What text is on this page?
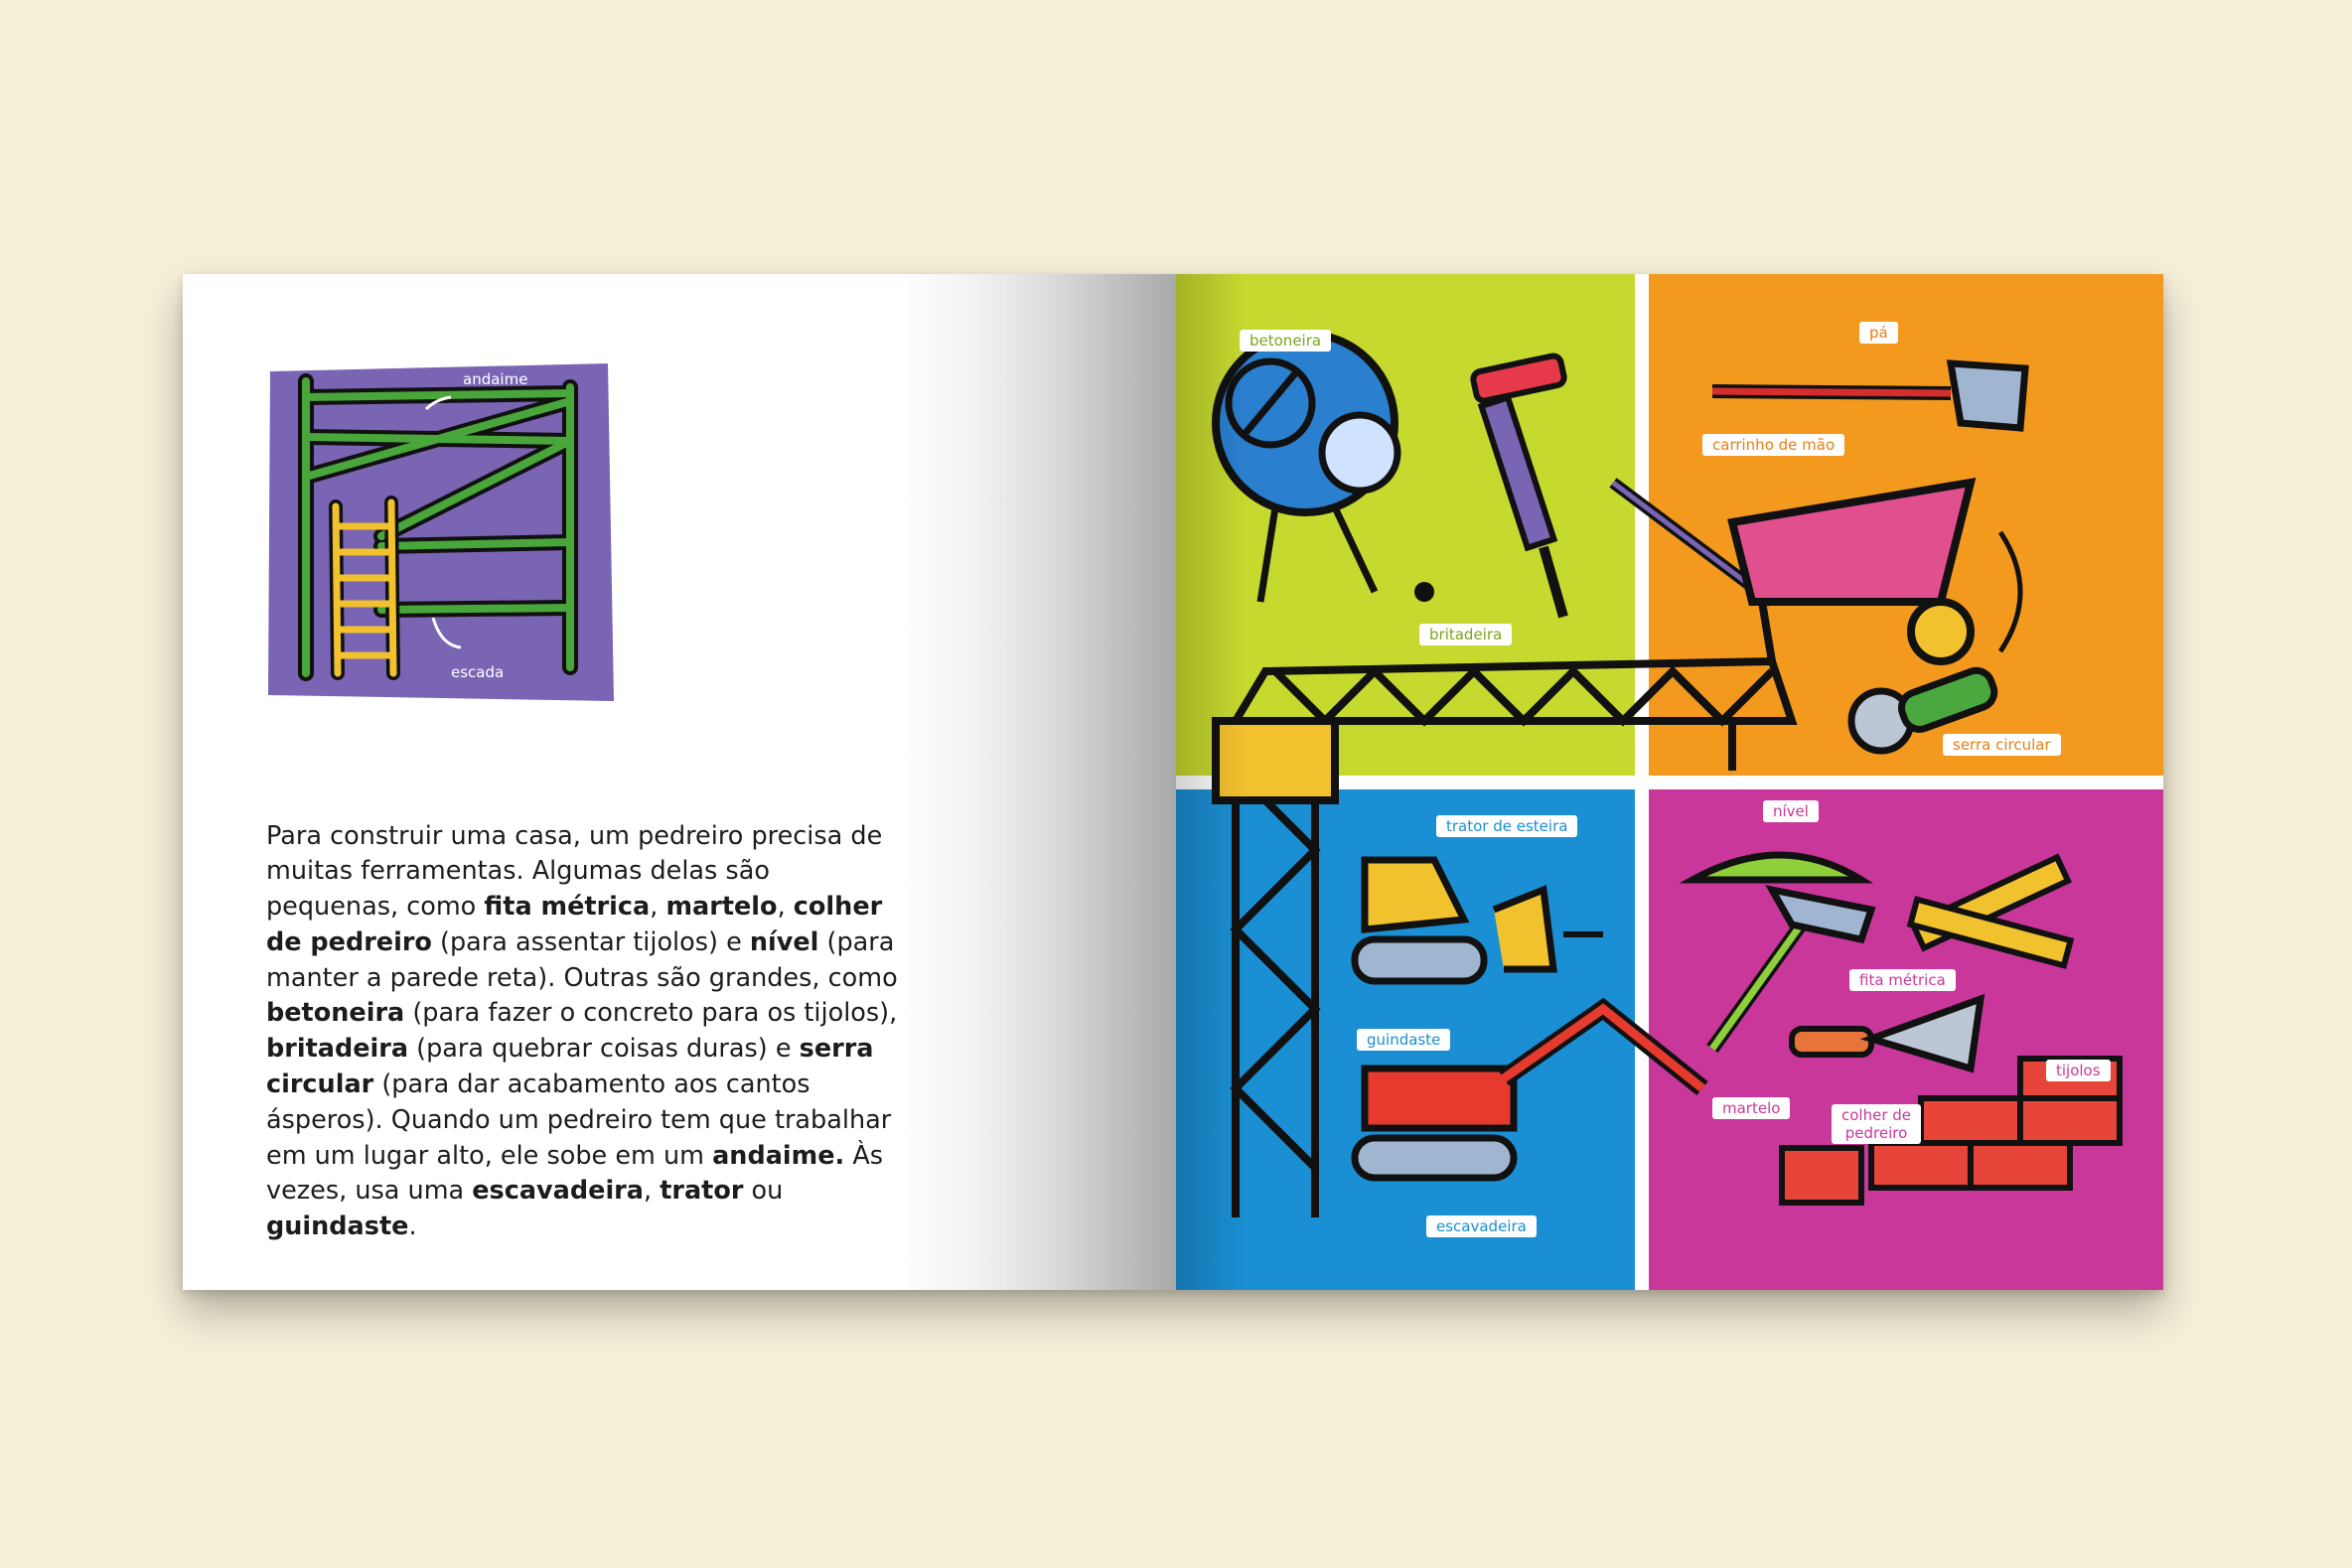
andaime
escada

Para construir uma casa, um pedreiro precisa de muitas ferramentas. Algumas delas são pequenas, como fita métrica, martelo, colher de pedreiro (para assentar tijolos) e nível (para manter a parede reta). Outras são grandes, como betoneira (para fazer o concreto para os tijolos), britadeira (para quebrar coisas duras) e serra circular (para dar acabamento aos cantos ásperos). Quando um pedreiro tem que trabalhar em um lugar alto, ele sobe em um andaime. Às vezes, usa uma escavadeira, trator ou guindaste.

betoneira
britadeira
pá
carrinho de mão
serra circular
trator de esteira
guindaste
escavadeira
nível
fita métrica
martelo	colher de
pedreiro
tijolos
